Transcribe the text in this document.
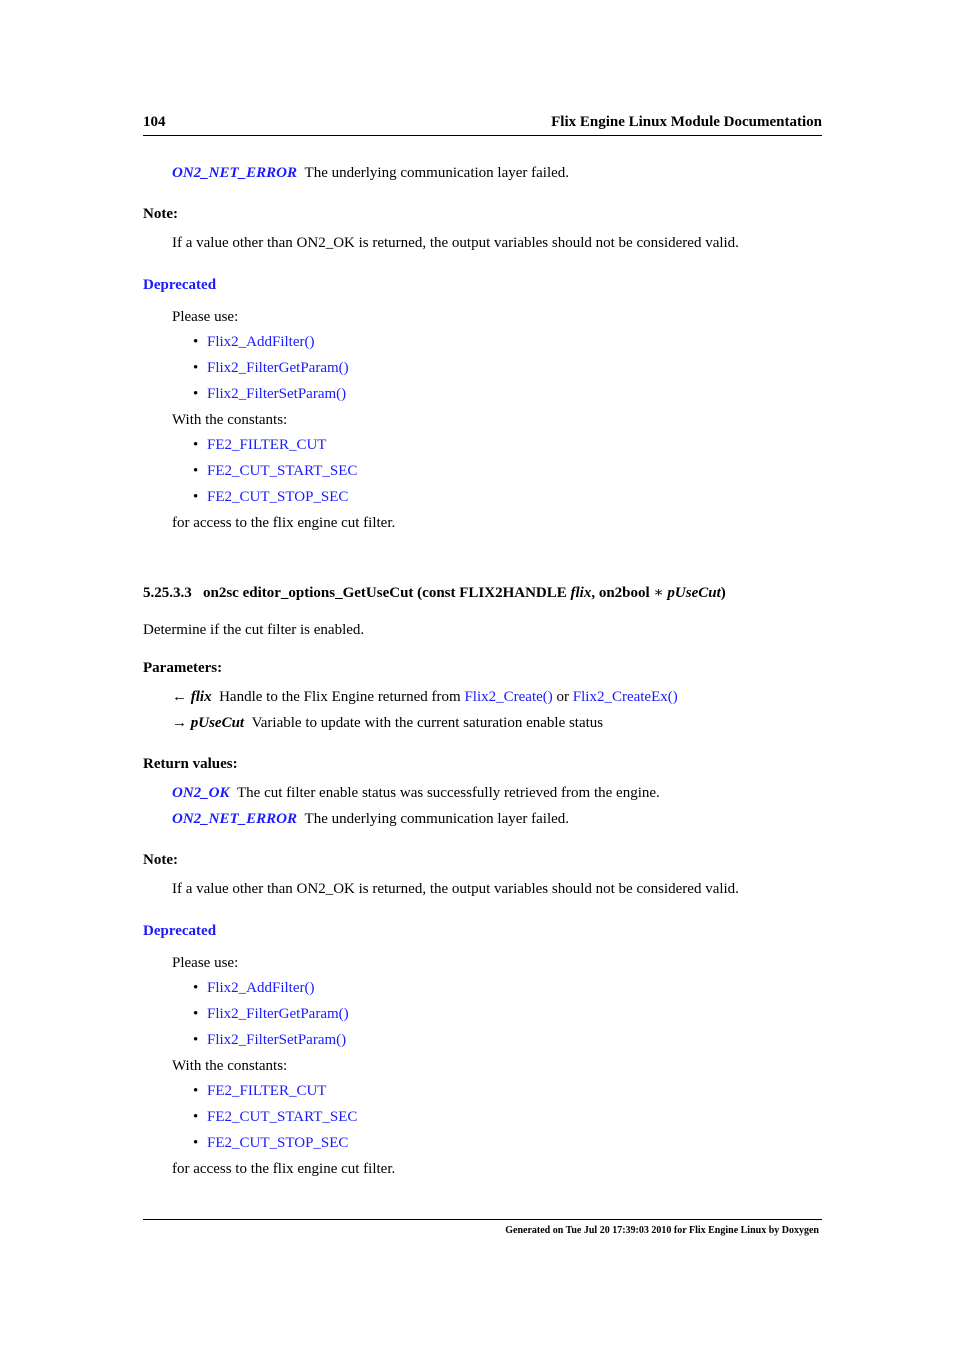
104	Flix Engine Linux Module Documentation
ON2_NET_ERROR The underlying communication layer failed.
Note:
If a value other than ON2_OK is returned, the output variables should not be considered valid.
Deprecated
Please use:
• Flix2_AddFilter()
• Flix2_FilterGetParam()
• Flix2_FilterSetParam()
With the constants:
• FE2_FILTER_CUT
• FE2_CUT_START_SEC
• FE2_CUT_STOP_SEC
for access to the flix engine cut filter.
5.25.3.3 on2sc editor_options_GetUseCut (const FLIX2HANDLE flix, on2bool ∗ pUseCut)
Determine if the cut filter is enabled.
Parameters:
← flix Handle to the Flix Engine returned from Flix2_Create() or Flix2_CreateEx()
→ pUseCut Variable to update with the current saturation enable status
Return values:
ON2_OK The cut filter enable status was successfully retrieved from the engine.
ON2_NET_ERROR The underlying communication layer failed.
Note:
If a value other than ON2_OK is returned, the output variables should not be considered valid.
Deprecated
Please use:
• Flix2_AddFilter()
• Flix2_FilterGetParam()
• Flix2_FilterSetParam()
With the constants:
• FE2_FILTER_CUT
• FE2_CUT_START_SEC
• FE2_CUT_STOP_SEC
for access to the flix engine cut filter.
Generated on Tue Jul 20 17:39:03 2010 for Flix Engine Linux by Doxygen
